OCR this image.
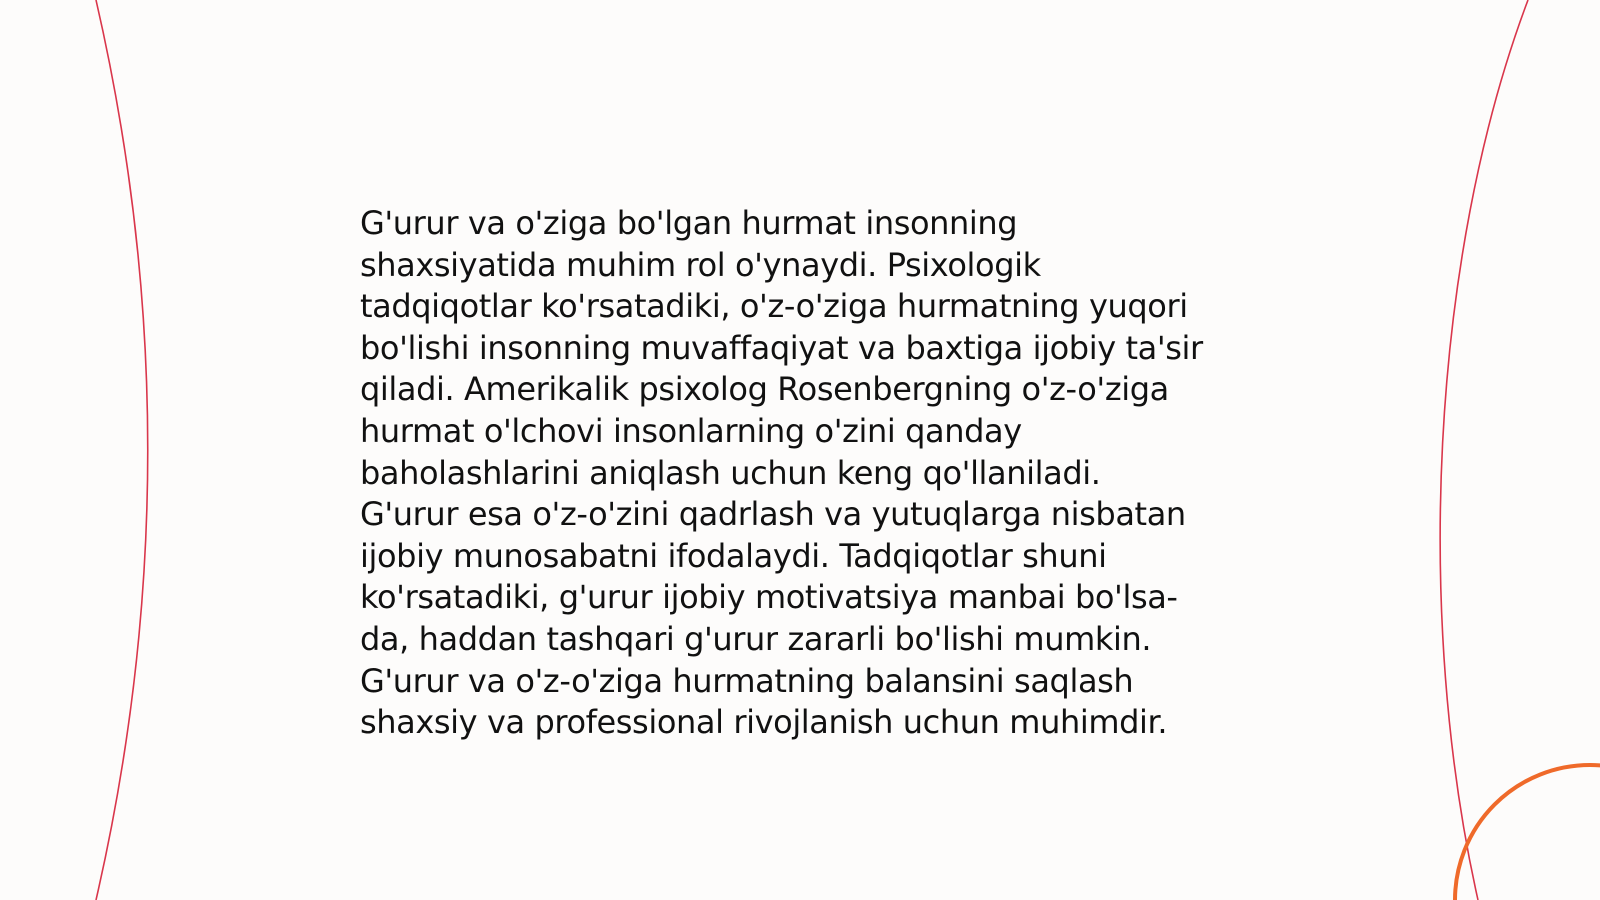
G'urur va o'ziga bo'lgan hurmat insonning
shaxsiyatida muhim rol o'ynaydi. Psixologik
tadqiqotlar ko'rsatadiki, o'z-o'ziga hurmatning yuqori
bo'lishi insonning muvaffaqiyat va baxtiga ijobiy ta'sir
qiladi. Amerikalik psixolog Rosenbergning o'z-o'ziga
hurmat o'lchovi insonlarning o'zini qanday
baholashlarini aniqlash uchun keng qo'llaniladi.
G'urur esa o'z-o'zini qadrlash va yutuqlarga nisbatan
ijobiy munosabatni ifodalaydi. Tadqiqotlar shuni
ko'rsatadiki, g'urur ijobiy motivatsiya manbai bo'lsa-
da, haddan tashqari g'urur zararli bo'lishi mumkin.
G'urur va o'z-o'ziga hurmatning balansini saqlash
shaxsiy va professional rivojlanish uchun muhimdir.
